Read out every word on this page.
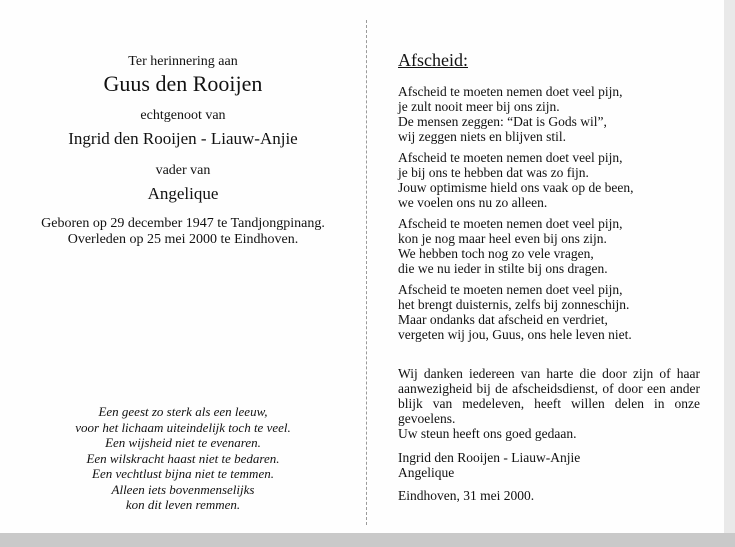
Ter herinnering aan
Guus den Rooijen
echtgenoot van
Ingrid den Rooijen - Liauw-Anjie
vader van
Angelique
Geboren op 29 december 1947 te Tandjongpinang.
Overleden op 25 mei 2000 te Eindhoven.
Een geest zo sterk als een leeuw,
voor het lichaam uiteindelijk toch te veel.
Een wijsheid niet te evenaren.
Een wilskracht haast niet te bedaren.
Een vechtlust bijna niet te temmen.
Alleen iets bovenmenselijks
kon dit leven remmen.
Afscheid:
Afscheid te moeten nemen doet veel pijn,
je zult nooit meer bij ons zijn.
De mensen zeggen: “Dat is Gods wil”,
wij zeggen niets en blijven stil.
Afscheid te moeten nemen doet veel pijn,
je bij ons te hebben dat was zo fijn.
Jouw optimisme hield ons vaak op de been,
we voelen ons nu zo alleen.
Afscheid te moeten nemen doet veel pijn,
kon je nog maar heel even bij ons zijn.
We hebben toch nog zo vele vragen,
die we nu ieder in stilte bij ons dragen.
Afscheid te moeten nemen doet veel pijn,
het brengt duisternis, zelfs bij zonneschijn.
Maar ondanks dat afscheid en verdriet,
vergeten wij jou, Guus, ons hele leven niet.
Wij danken iedereen van harte die door zijn of haar aanwezigheid bij de afscheidsdienst, of door een ander blijk van medeleven, heeft willen delen in onze gevoelens.
Uw steun heeft ons goed gedaan.
Ingrid den Rooijen - Liauw-Anjie
Angelique
Eindhoven, 31 mei 2000.
